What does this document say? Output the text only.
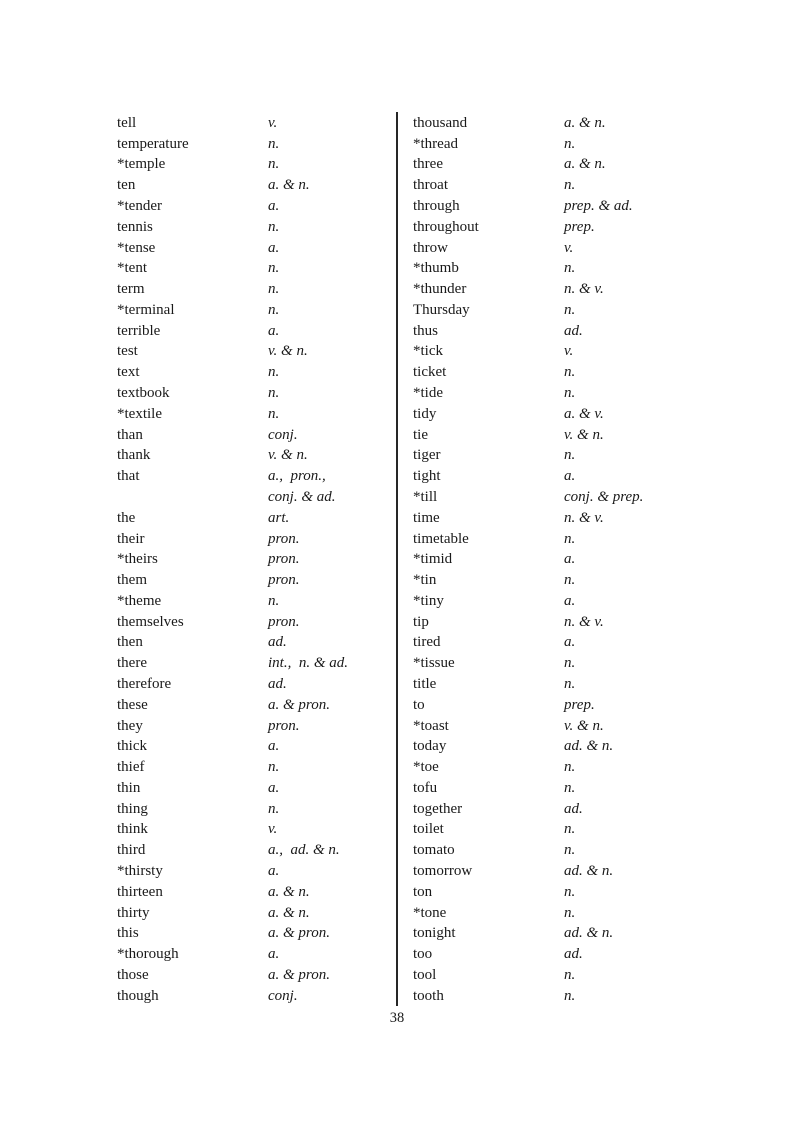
tell	v.
temperature	n.
*temple	n.
ten	a. & n.
*tender	a.
tennis	n.
*tense	a.
*tent	n.
term	n.
*terminal	n.
terrible	a.
test	v. & n.
text	n.
textbook	n.
*textile	n.
than	conj.
thank	v. & n.
that	a.,  pron.,
conj. & ad.
the	art.
their	pron.
*theirs	pron.
them	pron.
*theme	n.
themselves	pron.
then	ad.
there	int.,  n. & ad.
therefore	ad.
these	a. & pron.
they	pron.
thick	a.
thief	n.
thin	a.
thing	n.
think	v.
third	a.,  ad. & n.
*thirsty	a.
thirteen	a. & n.
thirty	a. & n.
this	a. & pron.
*thorough	a.
those	a. & pron.
though	conj.
thousand	a. & n.
*thread	n.
three	a. & n.
throat	n.
through	prep. & ad.
throughout	prep.
throw	v.
*thumb	n.
*thunder	n. & v.
Thursday	n.
thus	ad.
*tick	v.
ticket	n.
*tide	n.
tidy	a. & v.
tie	v. & n.
tiger	n.
tight	a.
*till	conj. & prep.
time	n. & v.
timetable	n.
*timid	a.
*tin	n.
*tiny	a.
tip	n. & v.
tired	a.
*tissue	n.
title	n.
to	prep.
*toast	v. & n.
today	ad. & n.
*toe	n.
tofu	n.
together	ad.
toilet	n.
tomato	n.
tomorrow	ad. & n.
ton	n.
*tone	n.
tonight	ad. & n.
too	ad.
tool	n.
tooth	n.
38
